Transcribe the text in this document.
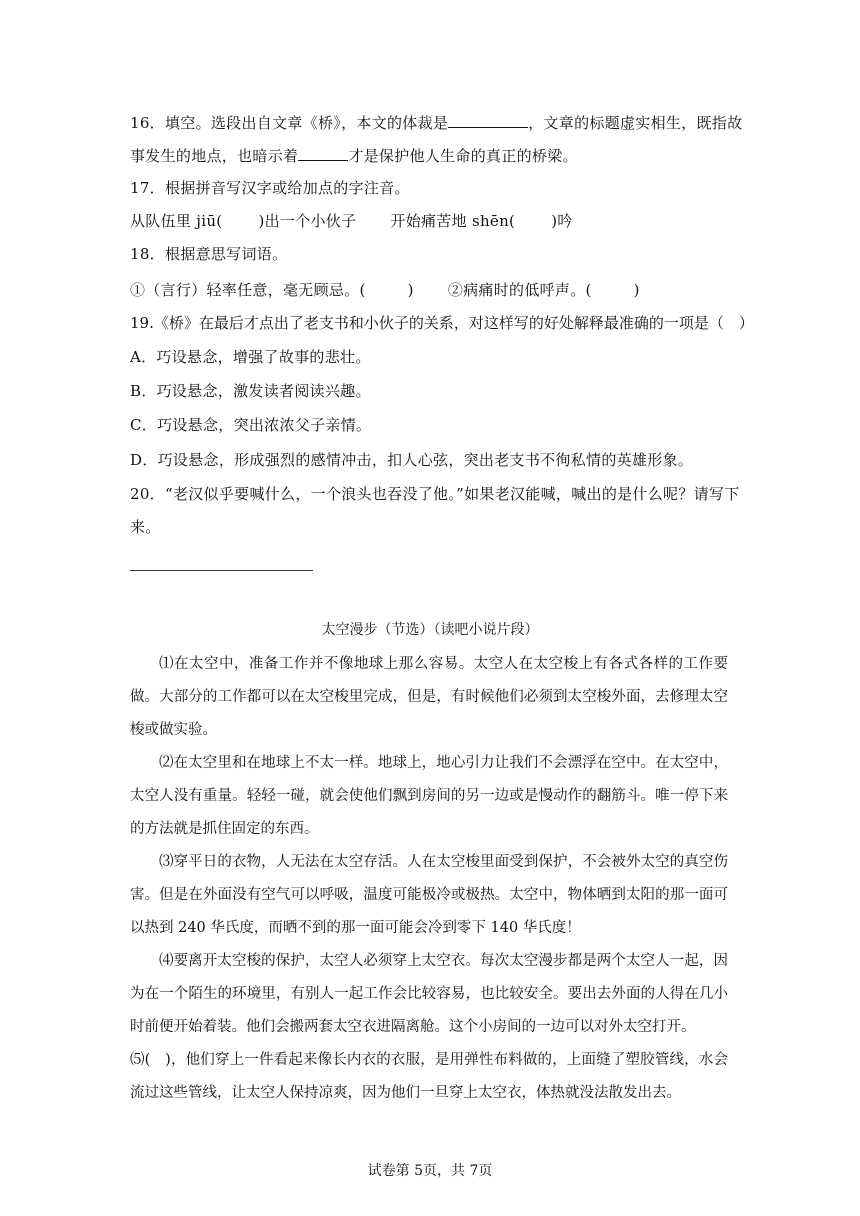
16．填空。选段出自文章《桥》，本文的体裁是	，文章的标题虚实相生，既指故
事发生的地点，也暗示着	才是保护他人生命的真正的桥梁。
17．根据拼音写汉字或给加点的字注音。
从队伍里 jiū( )出一个小伙子 开始痛苦地 shēn( )吟
18．根据意思写词语。
①（言行）轻率任意，毫无顾忌。(	) ②病痛时的低呼声。(	)
19.《桥》在最后才点出了老支书和小伙子的关系，对这样写的好处解释最准确的一项是（　）
A．巧设悬念，增强了故事的悲壮。
B．巧设悬念，激发读者阅读兴趣。
C．巧设悬念，突出浓浓父子亲情。
D．巧设悬念，形成强烈的感情冲击，扣人心弦，突出老支书不徇私情的英雄形象。
20．“老汉似乎要喊什么，一个浪头也吞没了他。”如果老汉能喊，喊出的是什么呢？请写下
来。
太空漫步（节选）（读吧小说片段）

⑴在太空中，准备工作并不像地球上那么容易。太空人在太空梭上有各式各样的工作要做。大部分的工作都可以在太空梭里完成，但是，有时候他们必须到太空梭外面，去修理太空梭或做实验。

⑵在太空里和在地球上不太一样。地球上，地心引力让我们不会漂浮在空中。在太空中，太空人没有重量。轻轻一碰，就会使他们飘到房间的另一边或是慢动作的翻筋斗。唯一停下来的方法就是抓住固定的东西。

⑶穿平日的衣物，人无法在太空存活。人在太空梭里面受到保护，不会被外太空的真空伤害。但是在外面没有空气可以呼吸，温度可能极冷或极热。太空中，物体晒到太阳的那一面可以热到 240 华氏度，而晒不到的那一面可能会冷到零下 140 华氏度！

⑷要离开太空梭的保护，太空人必须穿上太空衣。每次太空漫步都是两个太空人一起，因为在一个陌生的环境里，有别人一起工作会比较容易，也比较安全。要出去外面的人得在几小时前便开始着装。他们会搬两套太空衣进隔离舱。这个小房间的一边可以对外太空打开。

⑸(　)，他们穿上一件看起来像长内衣的衣服，是用弹性布料做的，上面缝了塑胶管线，水会流过这些管线，让太空人保持凉爽，因为他们一旦穿上太空衣，体热就没法散发出去。

试卷第 5页，共 7页
